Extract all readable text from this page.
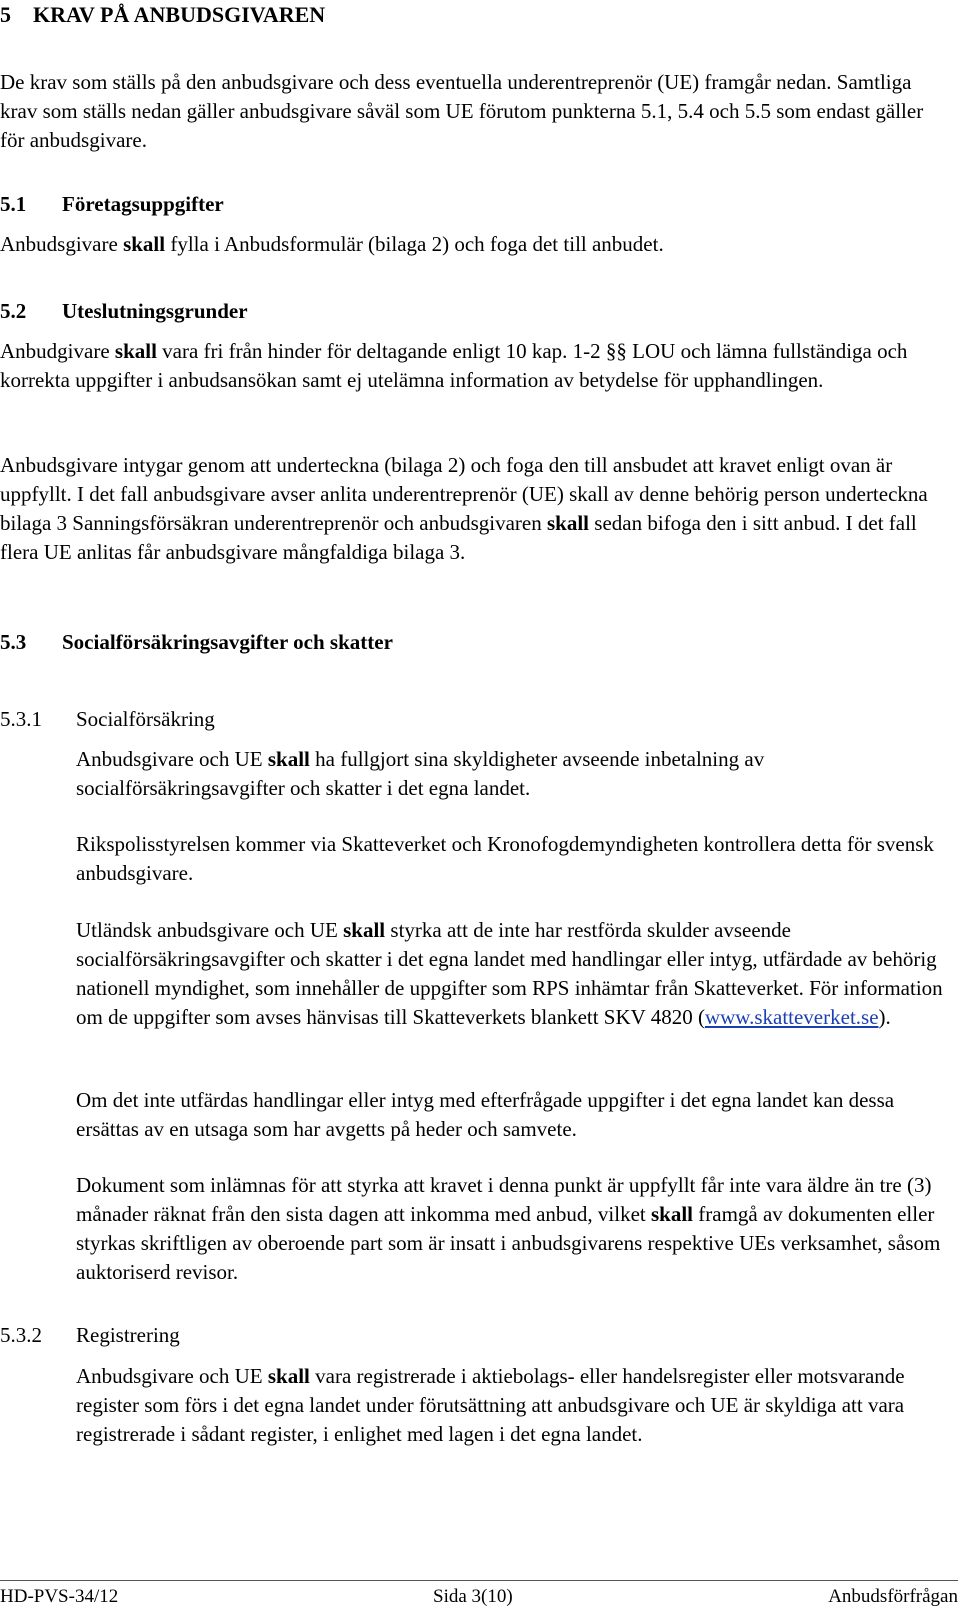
5 KRAV PÅ ANBUDSGIVAREN

De krav som ställs på den anbudsgivare och dess eventuella underentreprenör (UE) framgår nedan. Samtliga krav som ställs nedan gäller anbudsgivare såväl som UE förutom punkterna 5.1, 5.4 och 5.5 som endast gäller för anbudsgivare.

5.1 Företagsuppgifter

Anbudsgivare skall fylla i Anbudsformulär (bilaga 2) och foga det till anbudet.

5.2 Uteslutningsgrunder

Anbudgivare skall vara fri från hinder för deltagande enligt 10 kap. 1-2 §§ LOU och lämna fullständiga och korrekta uppgifter i anbudsansökan samt ej utelämna information av betydelse för upphandlingen.

Anbudsgivare intygar genom att underteckna (bilaga 2) och foga den till ansbudet att kravet enligt ovan är uppfyllt. I det fall anbudsgivare avser anlita underentreprenör (UE) skall av denne behörig person underteckna bilaga 3 Sanningsförsäkran underentreprenör och anbudsgivaren skall sedan bifoga den i sitt anbud. I det fall flera UE anlitas får anbudsgivare mångfaldiga bilaga 3.

5.3 Socialförsäkringsavgifter och skatter
5.3.1 Socialförsäkring

Anbudsgivare och UE skall ha fullgjort sina skyldigheter avseende inbetalning av socialförsäkringsavgifter och skatter i det egna landet.

Rikspolisstyrelsen kommer via Skatteverket och Kronofogdemyndigheten kontrollera detta för svensk anbudsgivare.

Utländsk anbudsgivare och UE skall styrka att de inte har restförda skulder avseende socialförsäkringsavgifter och skatter i det egna landet med handlingar eller intyg, utfärdade av behörig nationell myndighet, som innehåller de uppgifter som RPS inhämtar från Skatteverket. För information om de uppgifter som avses hänvisas till Skatteverkets blankett SKV 4820 (www.skatteverket.se).

Om det inte utfärdas handlingar eller intyg med efterfrågade uppgifter i det egna landet kan dessa ersättas av en utsaga som har avgetts på heder och samvete.

Dokument som inlämnas för att styrka att kravet i denna punkt är uppfyllt får inte vara äldre än tre (3) månader räknat från den sista dagen att inkomma med anbud, vilket skall framgå av dokumenten eller styrkas skriftligen av oberoende part som är insatt i anbudsgivarens respektive UEs verksamhet, såsom auktoriserd revisor.

5.3.2 Registrering

Anbudsgivare och UE skall vara registrerade i aktiebolags- eller handelsregister eller motsvarande register som förs i det egna landet under förutsättning att anbudsgivare och UE är skyldiga att vara registrerade i sådant register, i enlighet med lagen i det egna landet.

HD-PVS-34/12	Sida 3(10)	Anbudsförfrågan
